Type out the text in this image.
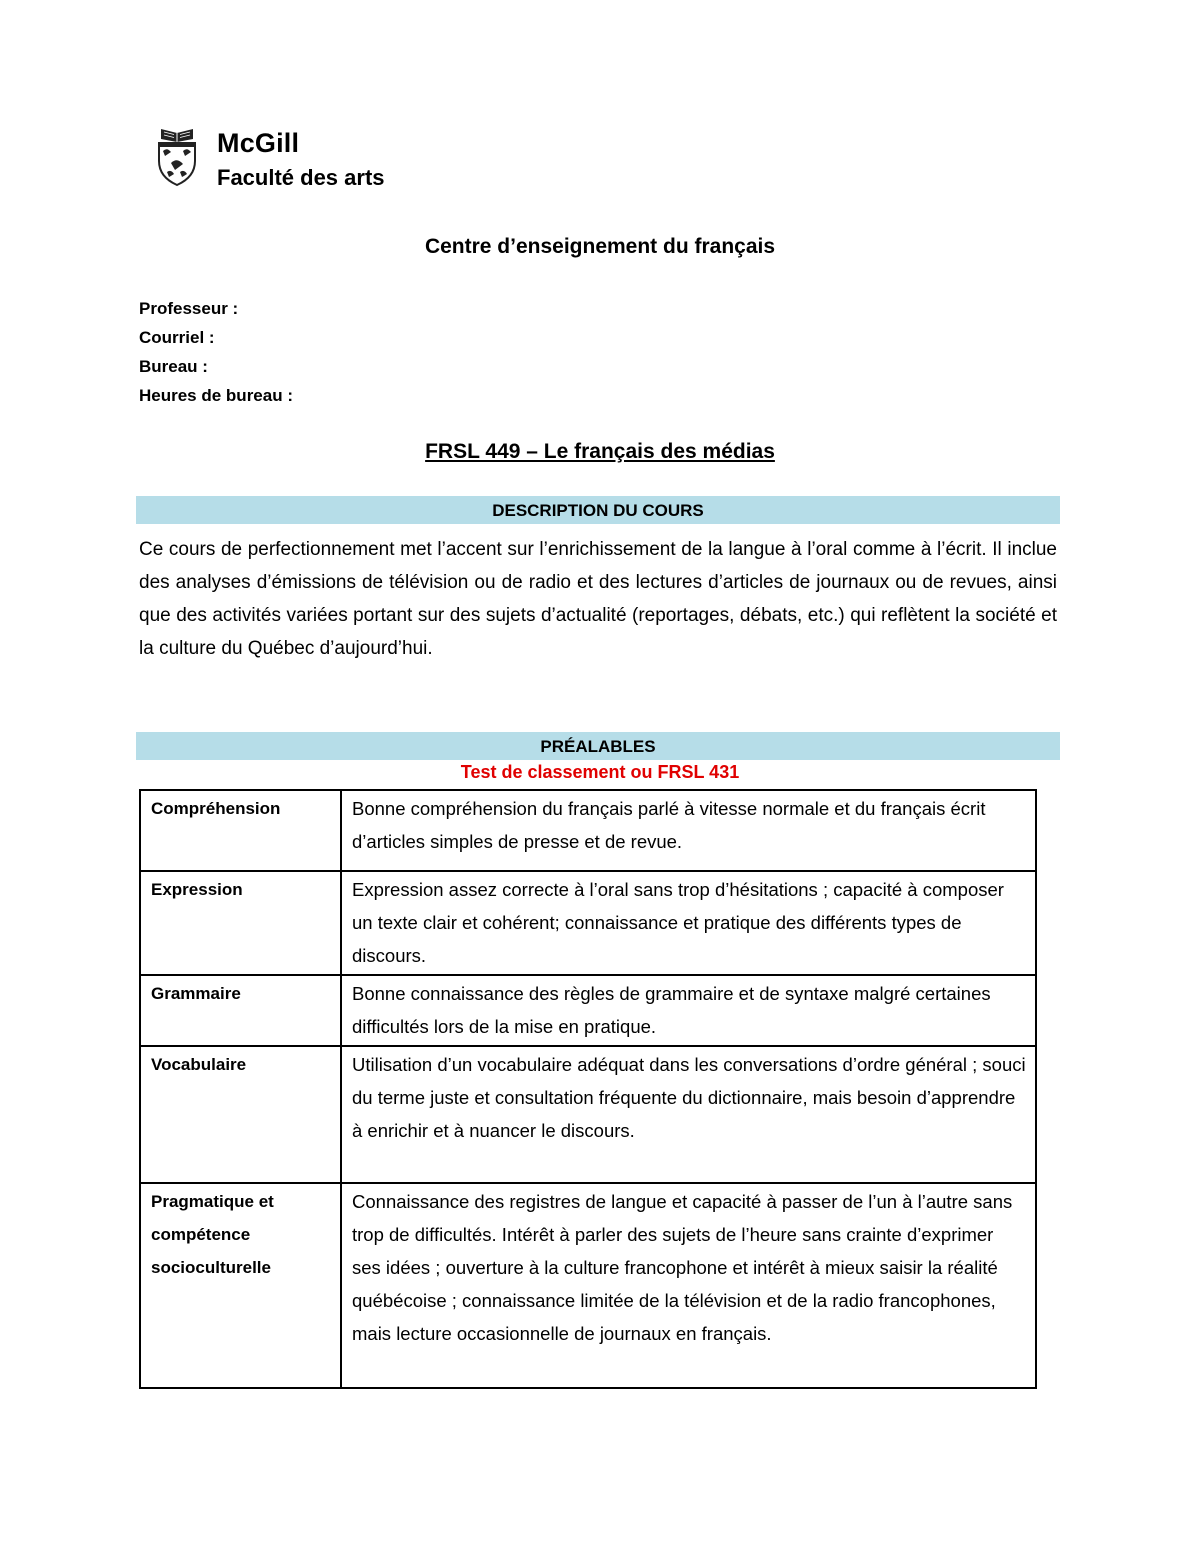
McGill
Faculté des arts
Centre d’enseignement du français
Professeur :
Courriel :
Bureau :
Heures de bureau :
FRSL 449 – Le français des médias
DESCRIPTION DU COURS
Ce cours de perfectionnement met l’accent sur l’enrichissement de la langue à l’oral comme à l’écrit. Il inclue des analyses d’émissions de télévision ou de radio et des lectures d’articles de journaux ou de revues, ainsi que des activités variées portant sur des sujets d’actualité (reportages, débats, etc.) qui reflètent la société et la culture du Québec d’aujourd’hui.
PRÉALABLES
Test de classement ou FRSL 431
Compréhension	Bonne compréhension du français parlé à vitesse normale et du français écrit d’articles simples de presse et de revue.
Expression	Expression assez correcte à l’oral sans trop d’hésitations ; capacité à composer un texte clair et cohérent; connaissance et pratique des différents types de discours.
Grammaire	Bonne connaissance des règles de grammaire et de syntaxe malgré certaines difficultés lors de la mise en pratique.
Vocabulaire	Utilisation d’un vocabulaire adéquat dans les conversations d’ordre général ; souci du terme juste et consultation fréquente du dictionnaire, mais besoin d’apprendre à enrichir et à nuancer le discours.
Pragmatique et compétence socioculturelle	Connaissance des registres de langue et capacité à passer de l’un à l’autre sans trop de difficultés. Intérêt à parler des sujets de l’heure sans crainte d’exprimer ses idées ; ouverture à la culture francophone et intérêt à mieux saisir la réalité québécoise ; connaissance limitée de la télévision et de la radio francophones, mais lecture occasionnelle de journaux en français.
